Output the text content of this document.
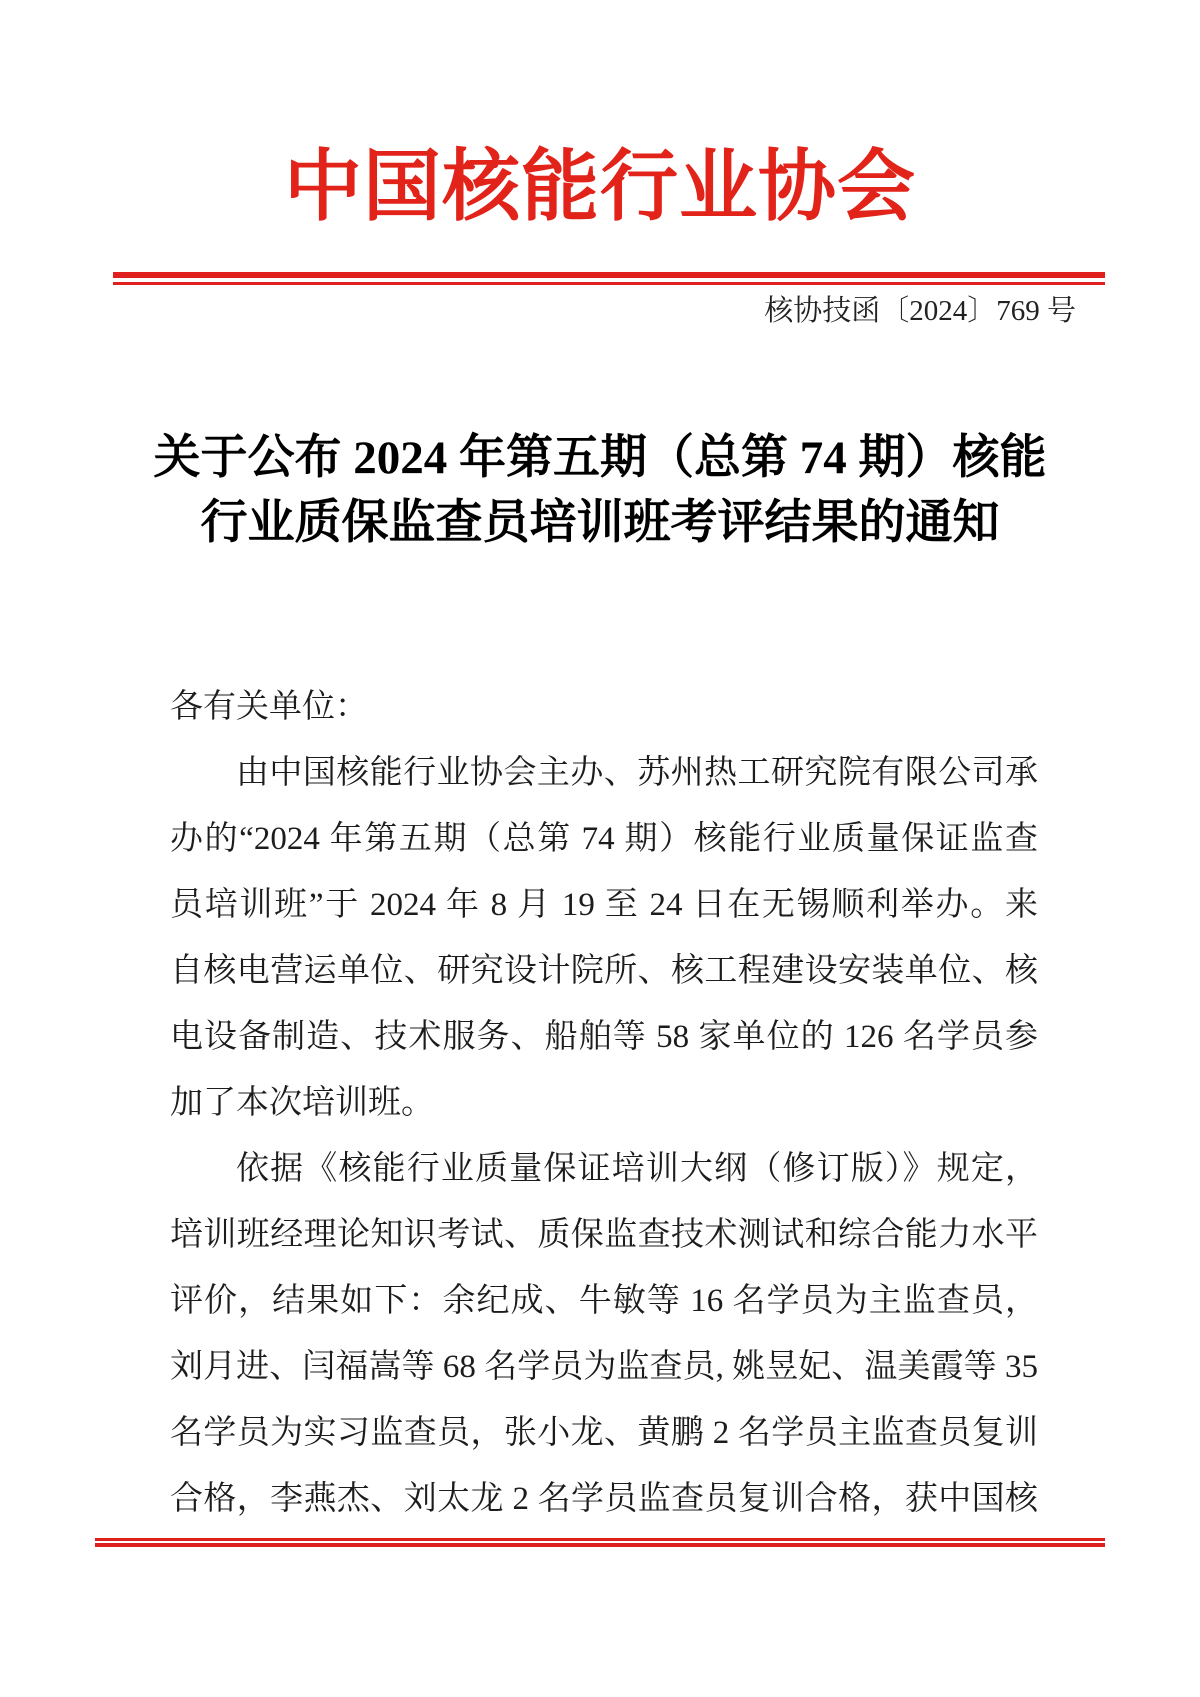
中国核能行业协会
核协技函〔2024〕769 号
关于公布 2024 年第五期（总第 74 期）核能
行业质保监查员培训班考评结果的通知
各有关单位：
由中国核能行业协会主办、苏州热工研究院有限公司承
办的“2024 年第五期（总第 74 期）核能行业质量保证监查
员培训班”于 2024 年 8 月 19 至 24 日在无锡顺利举办。来
自核电营运单位、研究设计院所、核工程建设安装单位、核
电设备制造、技术服务、船舶等 58 家单位的 126 名学员参
加了本次培训班。
依据《核能行业质量保证培训大纲（修订版）》规定，
培训班经理论知识考试、质保监查技术测试和综合能力水平
评价，结果如下：余纪成、牛敏等 16 名学员为主监查员，
刘月进、闫福嵩等 68 名学员为监查员, 姚昱妃、温美霞等 35
名学员为实习监查员，张小龙、黄鹏 2 名学员主监查员复训
合格，李燕杰、刘太龙 2 名学员监查员复训合格，获中国核
